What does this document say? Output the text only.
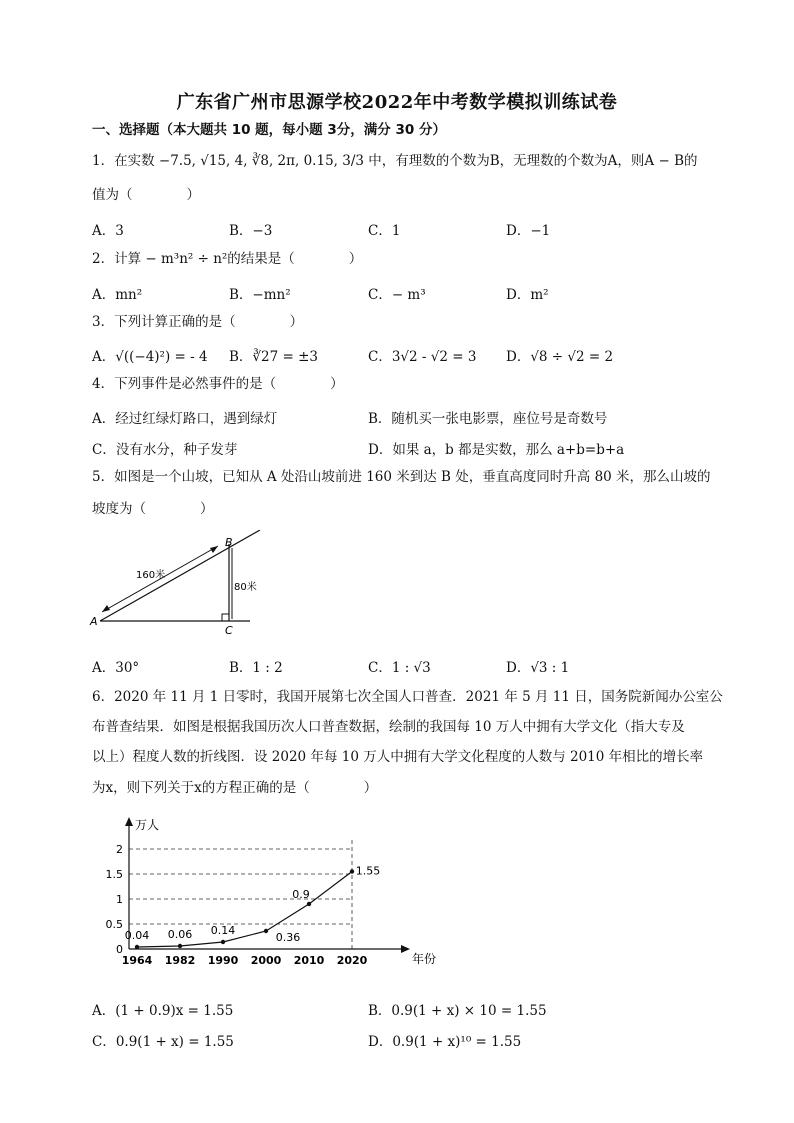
广东省广州市思源学校2022年中考数学模拟训练试卷
一、选择题（本大题共 10 题，每小题 3分，满分 30 分）
1．在实数 −7.5, √15, 4, ∛8, 2π, 0.15, 3/3 中，有理数的个数为B，无理数的个数为A，则A − B的
值为（　　　　）
A．3	B．−3	C．1	D．−1
2．计算 − m³n² ÷ n²的结果是（　　　　）
A．mn²	B．−mn²	C．− m³	D．m²
3．下列计算正确的是（　　　　）
A．√((−4)²) = - 4 B．∛27 = ±3	C．3√2 - √2 = 3 D．√8 ÷ √2 = 2
4．下列事件是必然事件的是（　　　　）
A．经过红绿灯路口，遇到绿灯	B．随机买一张电影票，座位号是奇数号
C．没有水分，种子发芽	D．如果 a，b 都是实数，那么 a+b=b+a
5．如图是一个山坡，已知从 A 处沿山坡前进 160 米到达 B 处，垂直高度同时升高 80 米，那么山坡的
坡度为（　　　　）
A
B
C
160米
80米
A．30°	B．1 : 2	C．1 : √3	D．√3 : 1
6．2020 年 11 月 1 日零时，我国开展第七次全国人口普查．2021 年 5 月 11 日，国务院新闻办公室公
布普查结果．如图是根据我国历次人口普查数据，绘制的我国每 10 万人中拥有大学文化（指大专及
以上）程度人数的折线图．设 2020 年每 10 万人中拥有大学文化程度的人数与 2010 年相比的增长率
为x，则下列关于x的方程正确的是（　　　　）
0
0.5
1
1.5
2
万人
年份
1964 1982 1990 2000 2010 2020
0.04 0.06 0.14
0.36
0.9
1.55
A．(1 + 0.9)x = 1.55	B．0.9(1 + x) × 10 = 1.55
C．0.9(1 + x) = 1.55	D．0.9(1 + x)¹⁰ = 1.55
